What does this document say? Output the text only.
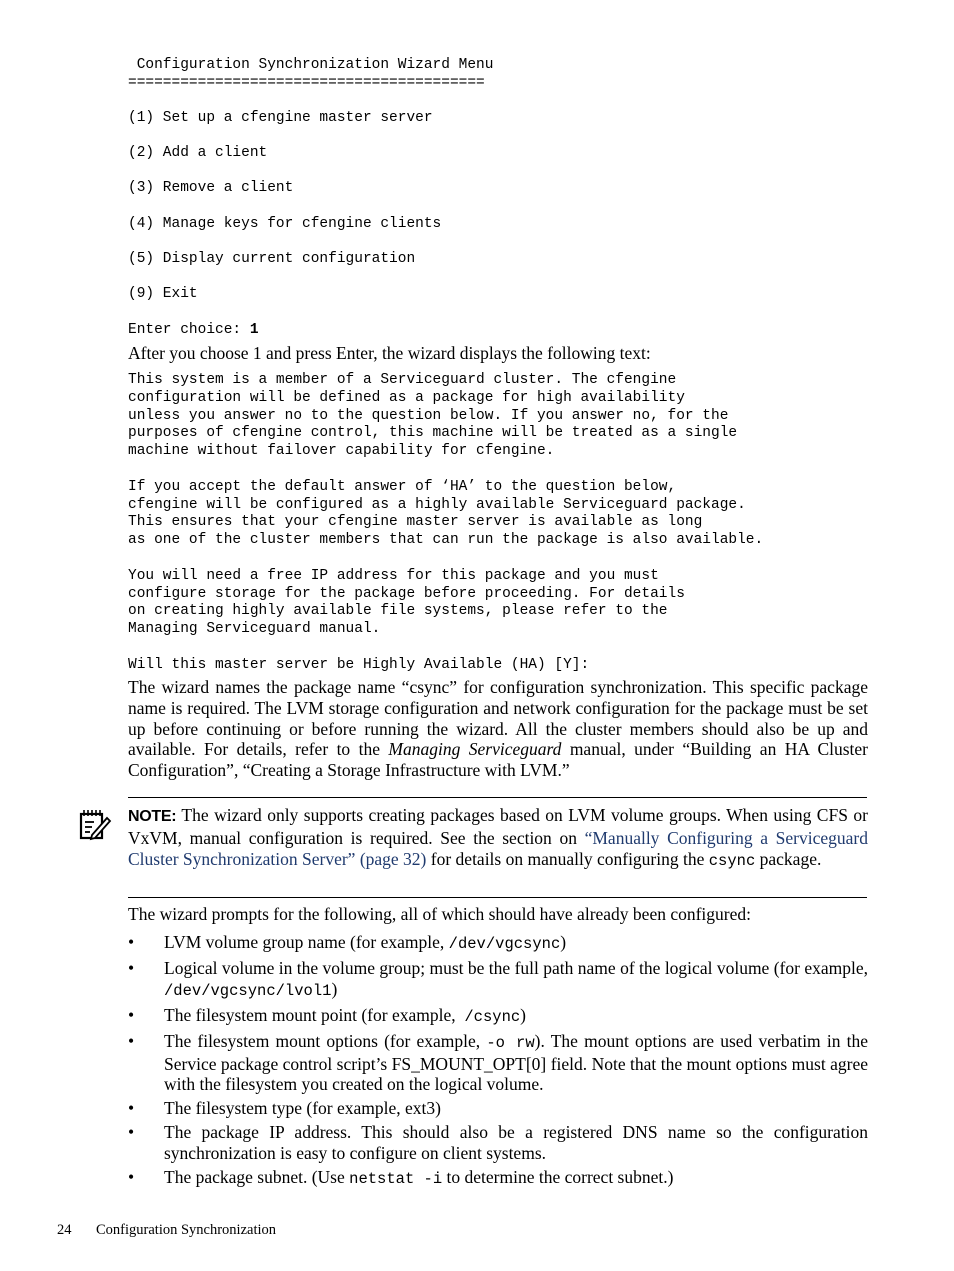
Configuration Synchronization Wizard Menu
=========================================
(1) Set up a cfengine master server
(2) Add a client
(3) Remove a client
(4) Manage keys for cfengine clients
(5) Display current configuration
(9) Exit
Enter choice: 1
After you choose 1 and press Enter, the wizard displays the following text:
This system is a member of a Serviceguard cluster. The cfengine
configuration will be defined as a package for high availability
unless you answer no to the question below. If you answer no, for the
purposes of cfengine control, this machine will be treated as a single
machine without failover capability for cfengine.

If you accept the default answer of ‘HA’ to the question below,
cfengine will be configured as a highly available Serviceguard package.
This ensures that your cfengine master server is available as long
as one of the cluster members that can run the package is also available.

You will need a free IP address for this package and you must
configure storage for the package before proceeding. For details
on creating highly available file systems, please refer to the
Managing Serviceguard manual.

Will this master server be Highly Available (HA) [Y]:
The wizard names the package name “csync” for configuration synchronization. This specific package name is required. The LVM storage configuration and network configuration for the package must be set up before continuing or before running the wizard. All the cluster members should also be up and available. For details, refer to the Managing Serviceguard manual, under “Building an HA Cluster Configuration”, “Creating a Storage Infrastructure with LVM.”
NOTE: The wizard only supports creating packages based on LVM volume groups. When using CFS or VxVM, manual configuration is required. See the section on “Manually Configuring a Serviceguard Cluster Synchronization Server” (page 32) for details on manually configuring the csync package.
The wizard prompts for the following, all of which should have already been configured:
• LVM volume group name (for example, /dev/vgcsync)
• Logical volume in the volume group; must be the full path name of the logical volume (for example, /dev/vgcsync/lvol1)
• The filesystem mount point (for example,  /csync)
• The filesystem mount options (for example, -o rw). The mount options are used verbatim in the Service package control script’s FS_MOUNT_OPT[0] field. Note that the mount options must agree with the filesystem you created on the logical volume.
• The filesystem type (for example, ext3)
• The package IP address. This should also be a registered DNS name so the configuration synchronization is easy to configure on client systems.
• The package subnet. (Use netstat -i to determine the correct subnet.)
24 Configuration Synchronization
